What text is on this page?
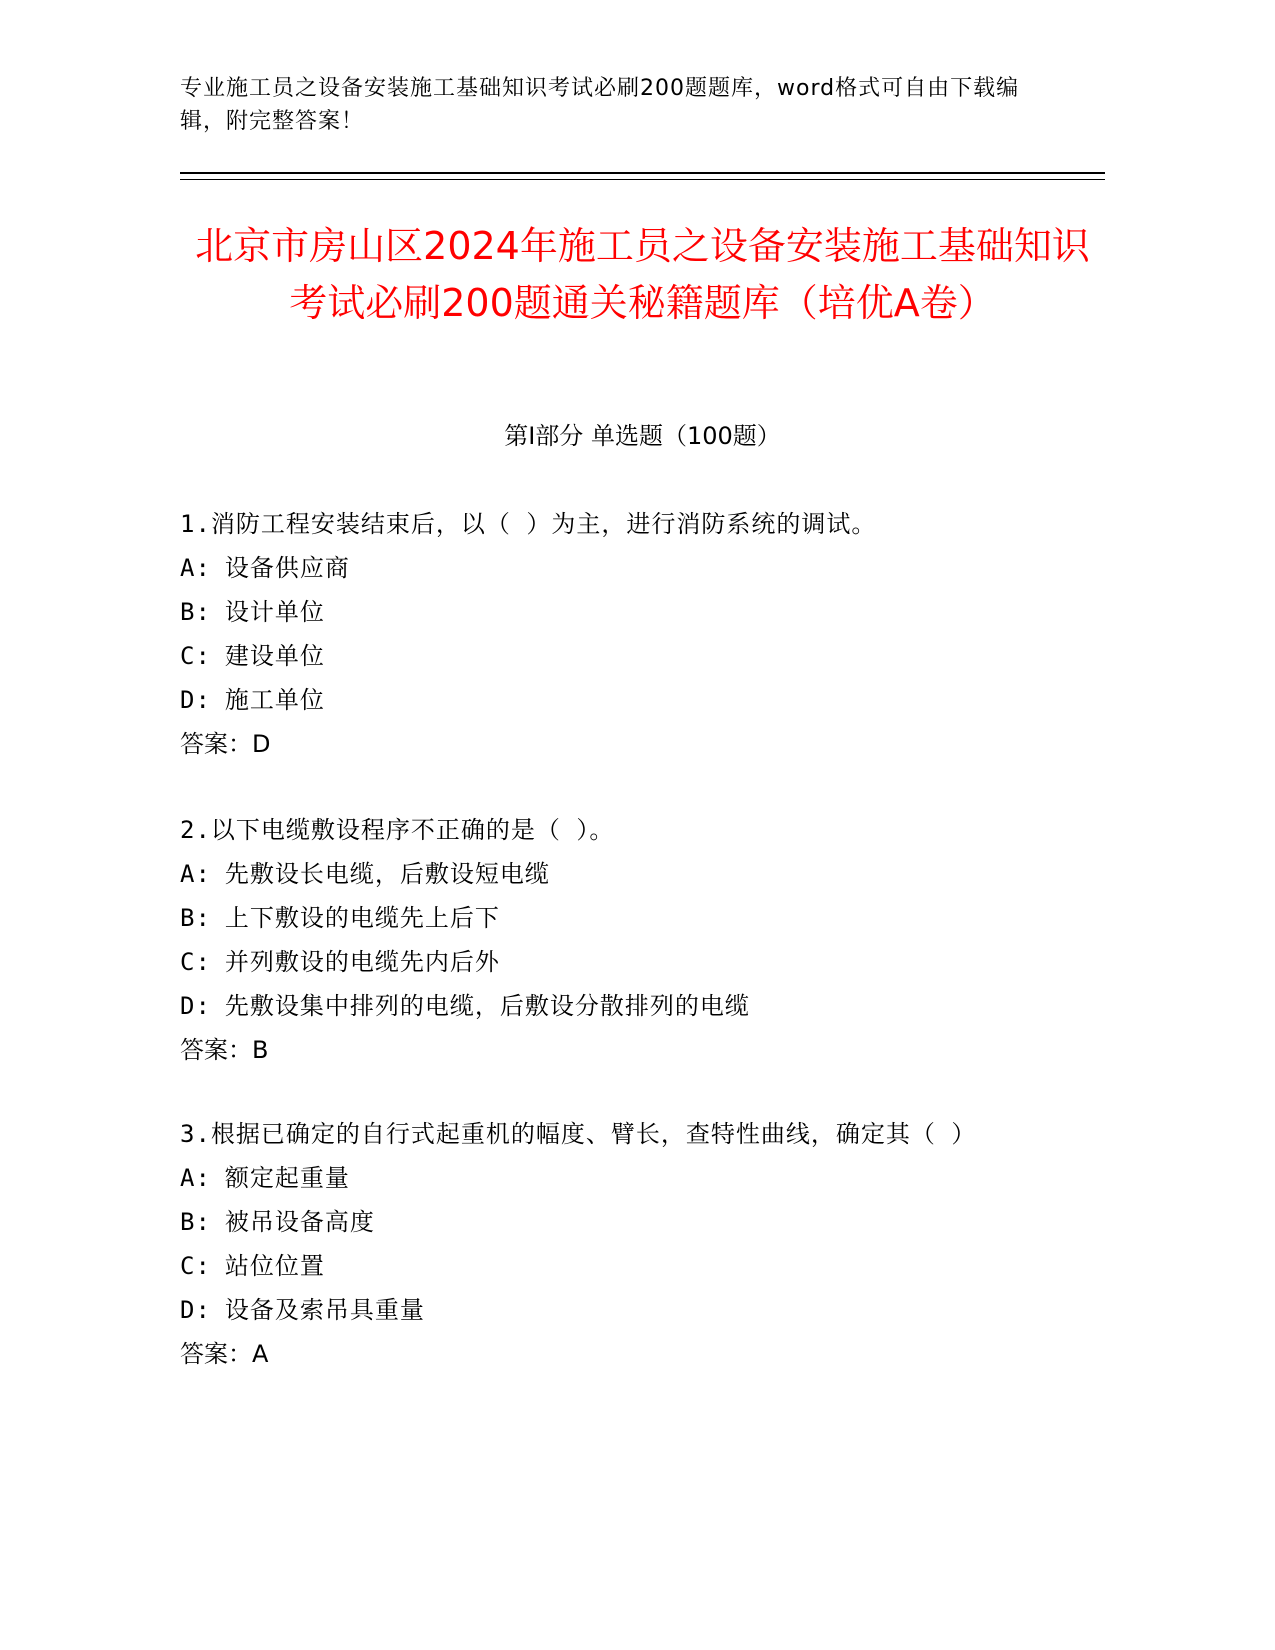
专业施工员之设备安装施工基础知识考试必刷200题题库，word格式可自由下载编辑，附完整答案！
北京市房山区2024年施工员之设备安装施工基础知识考试必刷200题通关秘籍题库（培优A卷）
第I部分 单选题（100题）

1.消防工程安装结束后，以（ ）为主，进行消防系统的调试。

A: 设备供应商

B: 设计单位

C: 建设单位

D: 施工单位

答案：D

2.以下电缆敷设程序不正确的是（ ）。

A: 先敷设长电缆，后敷设短电缆

B: 上下敷设的电缆先上后下

C: 并列敷设的电缆先内后外

D: 先敷设集中排列的电缆，后敷设分散排列的电缆

答案：B

3.根据已确定的自行式起重机的幅度、臂长，查特性曲线，确定其（ ）

A: 额定起重量

B: 被吊设备高度

C: 站位位置

D: 设备及索吊具重量

答案：A
